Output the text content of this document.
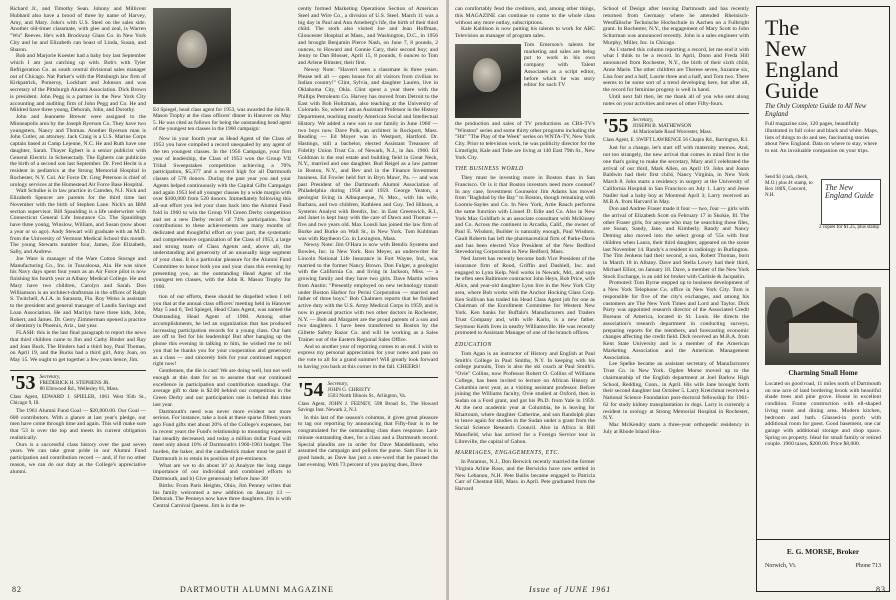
Richard Jr., and Timothy Sean. Johnny and Millicent Hubbard also have a brood of three by name of Harvey, Amy, and Mary. John's with U.S. Steel on the sales side. Another old-timer classmate, with glee and zeal, is Warren "Wu" Reeves. He's with Brockway Glass Co. in New York City and he and Elizabeth can boast of Linda, Susan, and Sharon.

Bob and Marjorie Koester had a baby boy last September which I am just catching up with. Bob's with Tyler Refrigeration Co. as south central divisional sales manager out of Chicago. Nat Parker's with the Pittsburgh law firm of Kirkpatrick, Pomeroy, Lockhart and Johnson and was secretary of the Pittsburgh Alumni Association. Dick Brown is president. John Pegg is a partner in the New York City accounting and auditing firm of John Pegg and Co. He and Mildred have three young, Deborah, John, and Dorothy.

John and Jeannette Brewer were assigned to the Minneapolis area by the Joseph Ryerson Co. They have two youngsters, Nancy and Thomas. Another Ryerson man is John Cutler, an attorney. Jack Craig is a U.S. Marine Corps captain based at Camp Lejeune, N.C. He and Ruth have one daughter, Sarah. Thayer Egbert is a senior publicist with General Electric in Schenectady. The Egberts can publicize the birth of a second son last September. Dr. Fred Hecht is a resident in pediatrics at the Strong Memorial Hospital in Rochester, N.Y. Col. Air Force Dr. Greg Peterson is chief of urology services at the Homestead Air Force Base Hospital.

Walt Schulke is in law practice in Camden, N.J. Nick and Elizabeth Spencer are parents for the third time last November with the birth of Stephen Lane. Nick's an IBM section supervisor. Bill Spaulding is a life underwriter with Connecticut General Life Insurance Co. The Spauldings have three young, Winslow, William, and Susan (now about a year or so ago). Andy Stewart will graduate with an M.D. from the University of Vermont Medical School this month. The young Stewarts number four, James, Zoe Elizabeth, Sally, and Andrew.

Joe Ware is manager of the Ware Cotton Storage and Manufacturing Co., Inc. in Tuscaloosa, Ala. He was since his Navy days spent four years as an Air Force pilot is now finishing his fourth year at Albany Medical College. He and Mary have two children, Carolyn and Sarah. Don Williamson is an architect-draftsman in the offices of Ralph S. Twitchell, A.I.A. in Sarasota, Fla. Roy Weiss is assistant to the president and general manager of Landis Savings and Loan Association. He and Marilyn have three kids, John, Robert, and James. Dr. Gerry Zimmerman opened a practice of dentistry in Phoenix, Ariz., last year.

FLASH: this is the last final paragraph to report the news that third children came to Jim and Cathy Binder and Ray and Joan Buck. The Binders had a third boy, Paul Thomas, on April 19, and the Bucks had a third girl, Amy Joan, on May 15. We ought to get together a few years hence, Jim.

'53 Secretary,
FREDERICK H. STEPHENS JR.
80 Elmwood Rd., Wellesley 81, Mass.
Class Agent, EDWARD J. SPIELER, 1061 West 95th St., Chicago 9, Ill.

The 1961 Alumni Fund Goal — $20,000.00. Our Goal — 600 contributors. With a glance at last year's pledge, our men have come through time and again. This will make sure that '53 is over the top and meets its current obligation realistically.

Ours is a successful class history over the past seven years. We can take great pride in our Alumni Fund participation and contribution record — and, if for no other reason, we can do our duty as the College's appreciative alumni.

Ed Spiegel, head class agent for 1953, was awarded the John R. Mason Trophy at the class officers' dinner in Hanover on May 5. He was cited as follows for being the outstanding head agent of the youngest ten classes in the 1960 campaign:

Now in your fourth year as Head Agent of the Class of 1953 you have compiled a record unequaled by any agent of the ten youngest classes. In the 1956 Campaign, your first year of leadership, the Class of 1953 won the Group VII Tribal Sweepstakes competition achieving a 70% participation, $5,377 and a record high for all Dartmouth classes of 578 donors. During the past year you and your Agents helped continuously with the Capital Gifts Campaign and again 1953 led all younger classes by a wide margin with over $100,000 from 520 donors. Immediately following this all-out effort you led your class back into the Alumni Fund fold in 1960 to win the Group VII Green Derby competition and set a new Derby record of 74% participation. Your contributions to these achievements are many months of dedicated and thoughtful effort on your part, the systematic and comprehensive organization of the Class of 1953, a large and strong team of Class Agents and, above all, the understanding and generosity of an unusually large segment of your class. It is a particular pleasure for the Alumni Fund Committee to honor both you and your class this evening by presenting you, as the outstanding Head Agent of the youngest ten classes, with the John R. Mason Trophy for 1960.

tion of our efforts, these should be dispelled when I tell you that at the annual class officers' meeting held in Hanover May 5 and 6, Ted Spiegel, Head Class Agent, was named the Outstanding Head Agent of 1960. Among other accomplishments, he led an organization that has produced increasing participation records for a young class. Our hats are off to Ted for his leadership! But after hanging up the phone this evening in talking to him, he wished me to tell you that he thanks you for your cooperation and generosity as a class — and sincerely bids for your continued support right now!

Gentlemen, the die is cast! We are doing well, but not well enough at this date for us to assume that our continued excellence in participation and contribution standings. Our average gift to date is $2.00 behind our competition in the Green Derby and our participation rate is behind this time last year.

Dartmouth's need was never more evident nor more serious. For instance, take a look at these sparse fifteen years ago Fund gifts met about 20% of the College's expenses, but in recent years the Fund's relationship to mounting expenses has steadily decreased, and today a million dollar Fund will meet only about 10% of Dartmouth's 1960-1961 budget. The burden, the baker, and the candlestick maker must be paid if Dartmouth is to retain its position of pre-eminence.

What are we to do about it? a) Analyze the long range importance of our individual and combined efforts to Dartmouth, and b) Give generously before June 30!

Births: From Paris Heights, Ohio, Jim Penney writes that his family welcomed a new addition on January 13 — Deborah. The Penneys now have three daughters. Jim is with Central Carnival Queens. Jim is in the re-

cently formed Marketing Operations Section of American Steel and Wire Co., a division of U.S. Steel. March 11 was a big day in Paul and Ann Arneberg's life, the birth of their third child. The stork also visited Joe and Jean Hoffman, Gloucester Hospital at Mass., and Washington, D.C., in 1956 and brought Benjamin Pierce Nash, on June 7, 8 pounds, 2 ounces, to Howard and Connie Cary, their second boy; and Jenny to Dan Blosser, April 15, 8 pounds, 6 ounces to Tom and Arlene Bimster, their first.

Newsy Note: "Haven't seen a classmate in three years. Please tell all — open house for all visitors from civilian to Indian country!" Clint, Sylvia, and daughter Lauren, live in Oklahoma City, Okla. Clint spent a year there with the Phillips Petroleum Co. Harvey has moved from Detroit to the East with Bob Holtzman, also teaching at the University of Colorado. So, where I am as Assistant Professor in the History Department, teaching mostly American Social and Intellectual History. We added a new son to our family in June 1960 — two boys now. Dave Polk, an architect in Rockport, Mass. Reading — Ed Moyer was in Westport, Hartford. Dr. Hastings, still a bachelor, elected Assistant Treasurer of Fidelity Union Trust Co. of Newark, N.J., in Jan. 1960. Ed Goldman is the real estate and building field in Great Neck, N.Y., married and one daughter. Bud Reigel as a law partner in Boston, N.Y., and Bev and in the Finance Investment business. Ed Fowler held fort in Bryn Mawr, Pa. — and was past President of the Dartmouth Alumni Association of Philadelphia during 1958 and 1959. George Yeaton, a geologist living in Albuquerque, N. Mex., with his wife, Barbara, and two children, Kathleen and Guy. Ted Hibson, a Systems Analyst with Bendix, Inc. in East Greenwich, R.I., and Janet is kept busy with the care of Dawn and Thomas — five and two years old. Max Loosli has joined the law firm of Burke and Burke on Wall St., in New York. Tom Kuhlman was with Raytheon Co. in Lexington, Mass.

Newsy Note: Jim O'Hara is now with Bendix Systems and Bowles, Inc. in New York. Ron Meyer, an underwriter for Lincoln National Life Insurance in Fort Wayne, Ind., was married to the former Nancy Brown. Don Fulger, a geologist with the California Co. and living in Jackson, Miss. — a growing family and they have two girls. Dave Martin writes from Austin: "Presently employed on new technology transit under Boston Harbor for Perini Corporation — married and father of three boys." Bob Chalmers reports that he finished active duty with the U.S. Army Medical Corps in 1959, and is now in general practice with two other doctors in Rochester, N.Y. — Bob and Margaret are the proud parents of a son and two daughters. I have been transferred to Boston by the Gillette Safety Razor Co. and will be working as a Sales Trainer out of the Eastern Regional Sales Office.

And so another year of reporting comes to an end. I wish to express my personal appreciation for your notes and pass on the vote to all for a grand summer! Will greatly look forward to having you back at this corner in the fall. CHEERS!

'54 Secretary,
JOHN G. CHRISTY
1503 North Illinois St., Arlington, Va.
Class Agent, JOHN J. FEENEY, 598 Broad St., The Howard Savings Inst. Newark 2, N.J.

In this last of the season's columns, it gives great pleasure to tag our reporting by announcing that Fifty-four is to be congratulated for the outstanding class dues response. Last-minute outstanding dues, for a class and a Dartmouth record. Special plaudits are in order for Dave Mandelbaum, who assumed the campaign and polices the purse. Sam Fine is in good hands, as Dave has just a one-word that he passed the last evening. With 73 percent of you paying dues, Dave

82	DARTMOUTH ALUMNI MAGAZINE

can comfortably fend the creditors, and, among other things, this MAGAZINE can continue to come to the whole class without any more outlay, subscriptions.

Kale Kaldison is now putting his talents to work for ABC Television as manager of program sales.

Tom Emerson's talents for marketing and sales are being put to work in his own company with Talent Associates as a script editor, before which he was story editor for such TV

the production and sales of TV productions as CBS-TV's "Winston" series and some thirty other programs including the "Hit" "The Play of the Week" series on WNTA-TV, New York City. Prior to television work, he was publicity director for the Limelight, Kale and Tobe are living at 140 East 79th St., New York City.

THE BUSINESS WORLD

They must be investing more in Boston than in San Francisco. Or is it that Boston investors need more counsel? In any case, Investment Counselor Jim Adams has moved from "Baghdad by the Bay" to Boston, though remaining with Loomis-Sayles and Co. In New York, Artie Rauch performs the same function with Lionel D. Edie and Co. Also in New York Max Goldfarb is an associate consultant with McKinsey and Co. Across the continent in Arcadia, Calif., the owner of Paul E. Wisdom, Builder is naturally enough, Paul Wisdom. Gault Roberts has left the pharmaceutical firm of Parke-Davis and has been elected Vice President of the New Bedford Stevedoring Corporation in New Bedford, Mass.

Ned Jarrett has recently become both Vice President of the insurance firm of Rood, Griffin and Dashiell, Inc. and engaged to Lynn Kelp. Neil works in Newark, Md., and says he often sees Baltimore contractor John Heyn, Bob Price, wife Alice, and year-old daughter Lynn live in the New York City area, where Bob works with the Anchor Hocking Glass Corp. Ken Sullivan has traded his Head Class Agent job for one as Chairman of the Enrollment Committee for Western New York. Ken banks for Buffalo's Manufacturers and Traders Trust Company and, with wife Karin, is a new father. Seymour Keith lives in nearby Williamsville. He was recently promoted to Assistant Manager of one of the branch offices.

EDUCATION

Tom Agan is an instructor of History and English at Paul Smith's College in Paul Smiths, N.Y. In keeping with his college pursuits, Tom is also the ski coach at Paul Smith's. "Ovie" Collins, now Professor Robert O. Collins of Williams College, has been invited to lecture on African History at Columbia next year, as a visiting assistant professor. Before joining the Williams faculty, Ovie studied at Oxford, then in Sudan on a Ford grant, and got his Ph.D. from Yale in 1959. At the next academic year at Columbia, he is leaving for Khartoum, where daughter Catherine, and son Randolph plan to leave again for studies in the Sudan under a grant from the Social Science Research Council. Also in Africa is Bill Mansfield, who has arrived for a Foreign Service tour in Libreville, the capital of Gabon.

MARRIAGES, ENGAGEMENTS, ETC.

In Paramus, N.J., Don Berwick recently married the former Virginia Arline Rose, and the Berwicks have now settled in New Lebanon, N.H. Pete Bailis became engaged to Patricia Carr of Chestnut Hill, Mass. in April. Pete graduated from the Harvard

School of Design after leaving Dartmouth and has recently returned from Germany where he attended Rheinisch-Westfälische Technische Hochschule in Aachen on a Fulbright grant. In Rochester, N.Y., the engagement of Mary Scott to John Schurman was announced recently. John is a sales engineer with Murphy, Miller, Inc. in Chicago.

As I started this column reporting a record, let me end it with what I think to be a record. In April, Donn and Freda Hill announced from Rochester, N.Y., the birth of their sixth child, Anne Marie. The other children are Therese seven, Suzanne six, Lisa four and a half, Laurie three and a half, and Tom two. There seems to be some sort of a trend developing here, but after all, the record for feminine progeny is well in hand.

Until next fall then, let me thank all of you who sent along notes on your activities and news of other Fifty-fours.

'55 Secretary,
JOSEPH B. MATHEWSON
44 Marionlade Road Worcester, Mass.
Class Agent, E. SWIFT LAWRENCE 56 Chapin Rd., Barrington, R.I.

Just for a change, let's start off with maternity memos. And, not too strangely, the new arrival that comes in mind first is the one that's going to make the secretary, Mary and I celebrated the arrival of our third, Mark Allen, on April 19. John and Joann Baldwin had their first child, Nancy Virginia, in New York March 8. John starts a residency in surgery at the University of California Hospital in San Francisco on July 1. Larry and Jesse Nadler had a baby boy at Montreal April 3; Larry received an M.B.A. from Harvard in May.

Don and Andree Fraser made it four — two, four — girls with the arrival of Elizabeth Scott on February 17 in Skokie, Ill. The other Fraser girls, for anyone who may be searching those files, are Susan, Sandy, Jane, and Kimberly. Randy and Nancy Deming also moved into the select group of '55s with four children when Laura, their third daughter, appeared on the scene last November 14. Randy's a resident in radiology in Burlington. The Tim Jenkens had their second, a son, Robert Thomas, born in March 18 in Albany. Dave and Stella Lowry had their third, Michael Elliot, on January 18. Dave, a member of the New York Stock Exchange, is an odd lot broker with Carlisle & Jacquelin.

Promoted: Tom Byrne stepped up to business development of a New York Telephone Co. office in New York City. Tom is responsible for five of the city's exchanges, and among his customers are The New York Times and Lord and Taylor. Dick Parry was appointed research director of the Associated Credit Bureaus of America, located in St. Louis. He directs the association's research department in conducting surveys, preparing reports for the members, and forecasting economic changes affecting the credit field. Dick received an M.B.A. from Kent State University and is a member of the American Marketing Association and the American Management Association.

Lee Spelke became an assistant secretary of Manufacturers Trust Co. in New York. Ogden Morse moved up to the chairmanship of the English department at Joel Barlow High School, Redding, Conn., in April. His wife Jane brought forth their second daughter last October 5. Larry Kretchmar received a National Science Foundation post-doctoral fellowship for 1961-62 for study kidney transplantation in dogs. Larry is currently a resident in urology at Strong Memorial Hospital in Rochester, N.Y.

Mac McKendry starts a three-year orthopedic residency in July at Rhode Island Hos-

The
New England
Guide
The Only Complete Guide to All New England
Full magazine size, 120 pages, beautifully illustrated in full color and black and white. Maps, lists of things to do and see, fascinating stories about New England. Data on where to stay, where to eat. An invaluable companion on your trips.
Send $1 (cash, check, M.O.) plus 4¢ stamp, to Box 188X, Concord, N.H.
The New England Guide
2 copies for $1.25, plus stamp
Charming Small Home
Located on good road, 11 miles north of Dartmouth on one acre of land bordering brook with beautiful shade trees and pine grove. House in excellent condition. Frame construction with ell-shaped living room and dining area. Modern kitchen, bedroom and bath. Glassed-in porch with additional room for guest. Good basement, one car garage with additional storage and shop space. Spring on property. Ideal for small family or retired couple. 1960 taxes, $200.00. Price $8,000.
E. G. MORSE, Broker
Norwich, Vt.	Phone 713
Issue of JUNE 1961	83
